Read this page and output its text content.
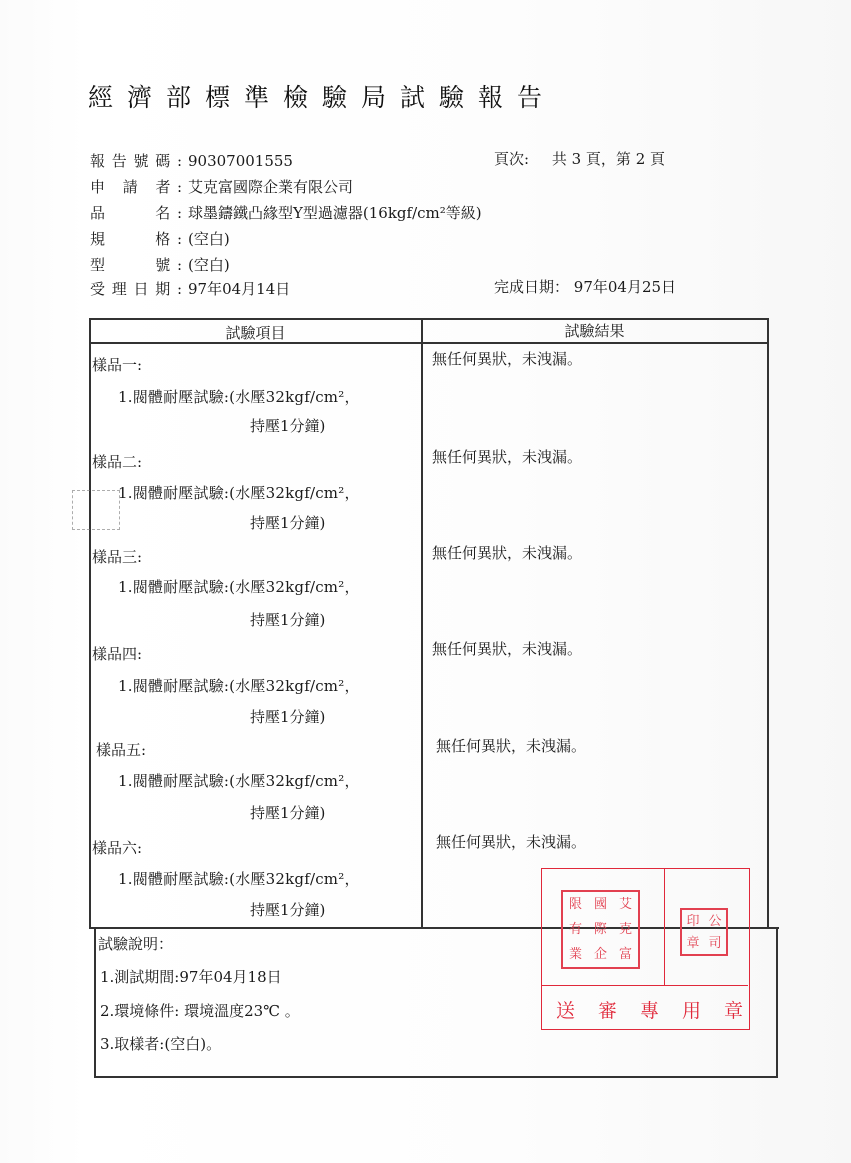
經濟部標準檢驗局試驗報告
報告號碼: 90307001555
申 請 者: 艾克富國際企業有限公司
品　　名: 球墨鑄鐵凸緣型Y型過濾器(16kgf/cm²等級)
規　　格: (空白)
型　　號: (空白)
受理日期: 97年04月14日
頁次: 共 3 頁，第 2 頁
完成日期： 97年04月25日
試驗項目	試驗結果
樣品一:
1.閥體耐壓試驗:(水壓32kgf/cm²，
持壓1分鐘)
無任何異狀，未洩漏。
樣品二:
1.閥體耐壓試驗:(水壓32kgf/cm²，
持壓1分鐘)
無任何異狀，未洩漏。
樣品三:
1.閥體耐壓試驗:(水壓32kgf/cm²，
持壓1分鐘)
無任何異狀，未洩漏。
樣品四:
1.閥體耐壓試驗:(水壓32kgf/cm²，
持壓1分鐘)
無任何異狀，未洩漏。
樣品五:
1.閥體耐壓試驗:(水壓32kgf/cm²，
持壓1分鐘)
無任何異狀，未洩漏。
樣品六:
1.閥體耐壓試驗:(水壓32kgf/cm²，
持壓1分鐘)
無任何異狀，未洩漏。
試驗說明：
1.測試期間:97年04月18日
2.環境條件: 環境溫度23℃ 。
3.取樣者:(空白)。
限 國 艾
有 際 克
業 企 富
印 公
章 司
送　審　專　用　章
